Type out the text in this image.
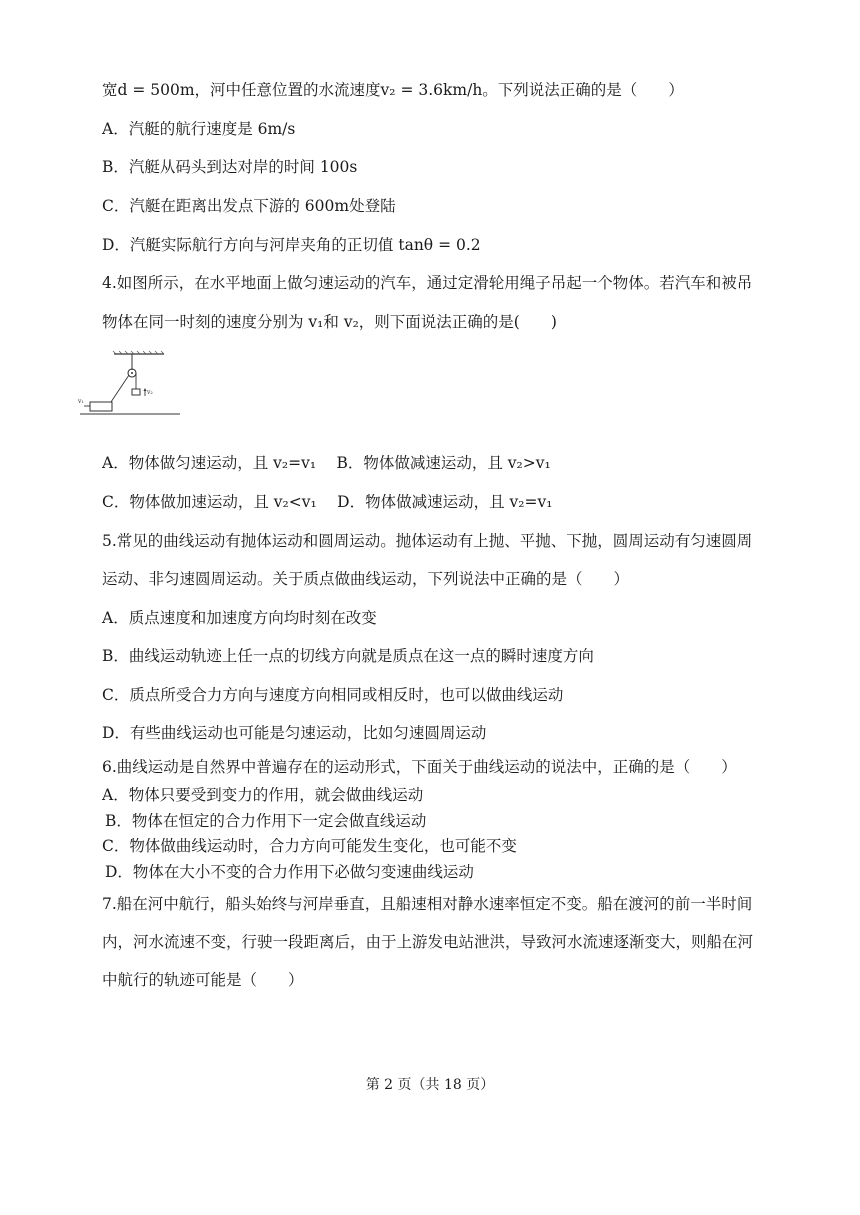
宽d = 500m，河中任意位置的水流速度v₂ = 3.6km/h。下列说法正确的是（　　）
A．汽艇的航行速度是 6m/s
B．汽艇从码头到达对岸的时间 100s
C．汽艇在距离出发点下游的 600m处登陆
D．汽艇实际航行方向与河岸夹角的正切值 tanθ = 0.2
4.如图所示，在水平地面上做匀速运动的汽车，通过定滑轮用绳子吊起一个物体。若汽车和被吊
物体在同一时刻的速度分别为 v₁和 v₂，则下面说法正确的是(　　)
v₂
v₁
A．物体做匀速运动，且 v₂=v₁　 B．物体做减速运动，且 v₂>v₁
C．物体做加速运动，且 v₂<v₁　 D．物体做减速运动，且 v₂=v₁
5.常见的曲线运动有抛体运动和圆周运动。抛体运动有上抛、平抛、下抛，圆周运动有匀速圆周
运动、非匀速圆周运动。关于质点做曲线运动，下列说法中正确的是（　　）
A．质点速度和加速度方向均时刻在改变
B．曲线运动轨迹上任一点的切线方向就是质点在这一点的瞬时速度方向
C．质点所受合力方向与速度方向相同或相反时，也可以做曲线运动
D．有些曲线运动也可能是匀速运动，比如匀速圆周运动
6.曲线运动是自然界中普遍存在的运动形式，下面关于曲线运动的说法中，正确的是（　　）
A．物体只要受到变力的作用，就会做曲线运动
B．物体在恒定的合力作用下一定会做直线运动
C．物体做曲线运动时，合力方向可能发生变化，也可能不变
D．物体在大小不变的合力作用下必做匀变速曲线运动
7.船在河中航行，船头始终与河岸垂直，且船速相对静水速率恒定不变。船在渡河的前一半时间
内，河水流速不变，行驶一段距离后，由于上游发电站泄洪，导致河水流速逐渐变大，则船在河
中航行的轨迹可能是（　　）
第 2 页（共 18 页）
